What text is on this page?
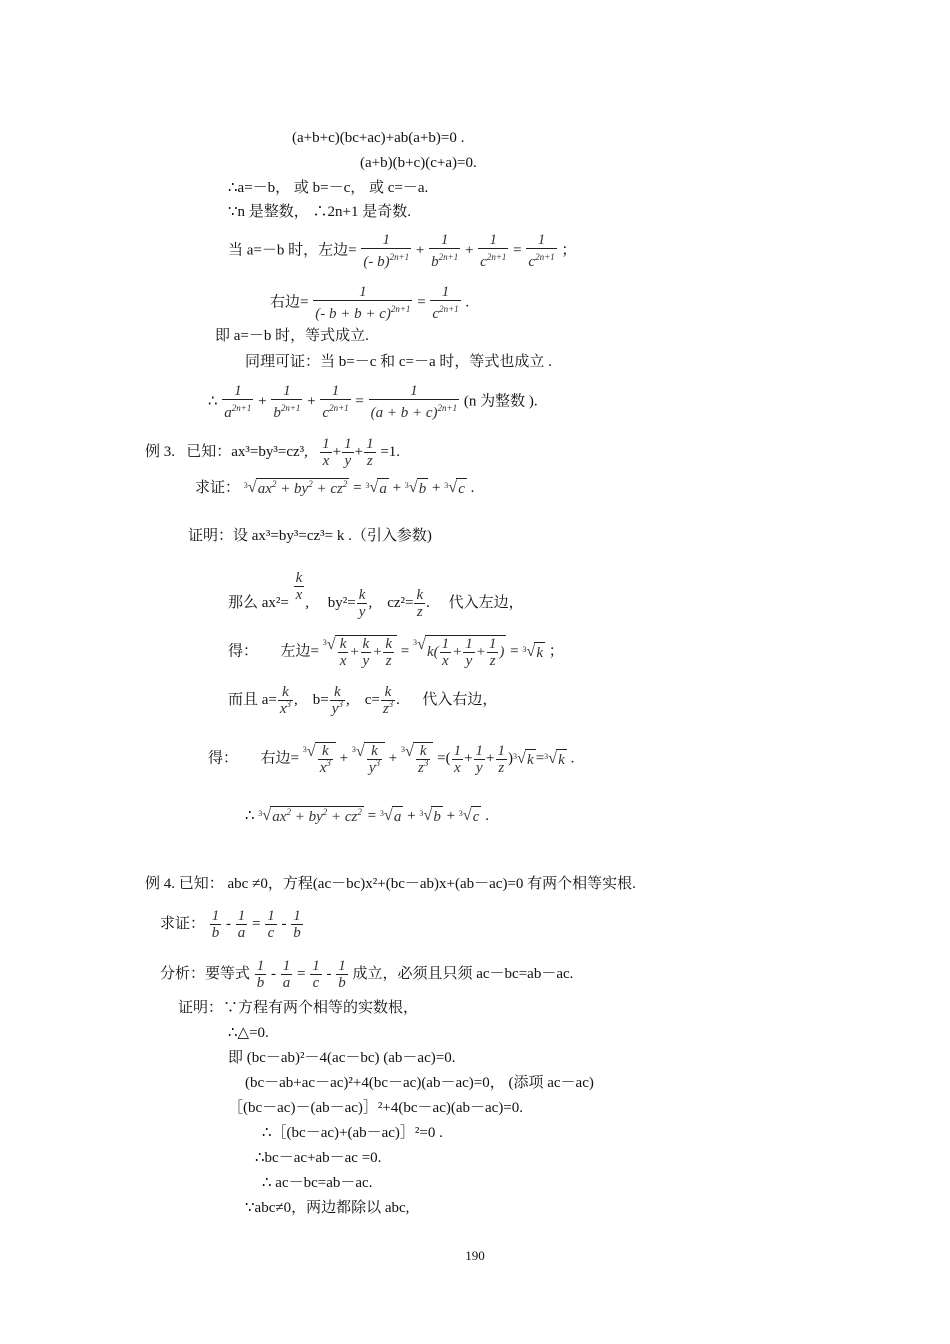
(a+b+c)(bc+ac)+ab(a+b)=0 .
(a+b)(b+c)(c+a)=0.
∴a=－b， 或 b=－c， 或 c=－a.
∵n 是整数， ∴2n+1 是奇数.
当 a=－b 时，左边= $\frac{1}{(- b)^{2n+1}} + \frac{1}{b^{2n+1}} + \frac{1}{c^{2n+1}} = \frac{1}{c^{2n+1}}$ ；
右边= $\frac{1}{(- b + b + c)^{2n+1}} = \frac{1}{c^{2n+1}}$ .
即 a=－b 时，等式成立.
同理可证：当 b=－c 和 c=－a 时，等式也成立 .
∴ $\frac{1}{a^{2n+1}} + \frac{1}{b^{2n+1}} + \frac{1}{c^{2n+1}} = \frac{1}{(a + b + c)^{2n+1}} (n$ 为整数 ).
例 3. 已知：ax³=by³=cz³, $\frac{1}{x} + \frac{1}{y} + \frac{1}{z} =1$.
求证： 3 √ $ax^2 + by^2 + cz^2 = 3$ √ a + 3 √ b + 3 √ c .
证明：设 ax³=by³=cz³= k .（引入参数)
那么 $ax^2= \frac{k}{x}$ ,     $by^2= \frac{k}{y}$ ,    $cz^2= \frac{k}{z}$ .     代入左边，
得： 左边=
3 √ $\frac{k}{x} + \frac{k}{y} + \frac{k}{z}$ =
3 √ $k( \frac{1}{x} + \frac{1}{y} + \frac{1}{z}$ ) = 3 √ k ；
而且 $a= \frac{k}{x^3}$ ,    $b= \frac{k}{y^3}$ ,    $c= \frac{k}{z^3}$ .      代入右边，
得： 右边=
3 √ $\frac{k}{x^3}$ +
3 √ $\frac{k}{y^3}$ +
3 √ $\frac{k}{z^3}$ =( $\frac{1}{x} + \frac{1}{y} + \frac{1}{z}$ ) 3 √ k = 3 √ k .
∴ 3 √ $ax^2 + by^2 + cz^2 = 3$ √ a + 3 √ b + 3 √ c .
例 4. 已知： abc ≠0，方程(ac－bc)x²+(bc－ab)x+(ab－ac)=0 有两个相等实根.
求证： $\frac{1}{b} - \frac{1}{a} = \frac{1}{c} - \frac{1}{b}$
分析：要等式 $\frac{1}{b} - \frac{1}{a} = \frac{1}{c} - \frac{1}{b}$ 成立，必须且只须 ac－bc=ab－ac.
证明：∵方程有两个相等的实数根，
∴△=0.
即 (bc－ab)²－4(ac－bc) (ab－ac)=0.
(bc－ab+ac－ac)²+4(bc－ac)(ab－ac)=0， (添项 ac－ac)
［(bc－ac)－(ab－ac)］²+4(bc－ac)(ab－ac)=0.
∴［(bc－ac)+(ab－ac)］²=0 .
∴bc－ac+ab－ac =0.
∴ ac－bc=ab－ac.
∵abc≠0，两边都除以 abc,
190
